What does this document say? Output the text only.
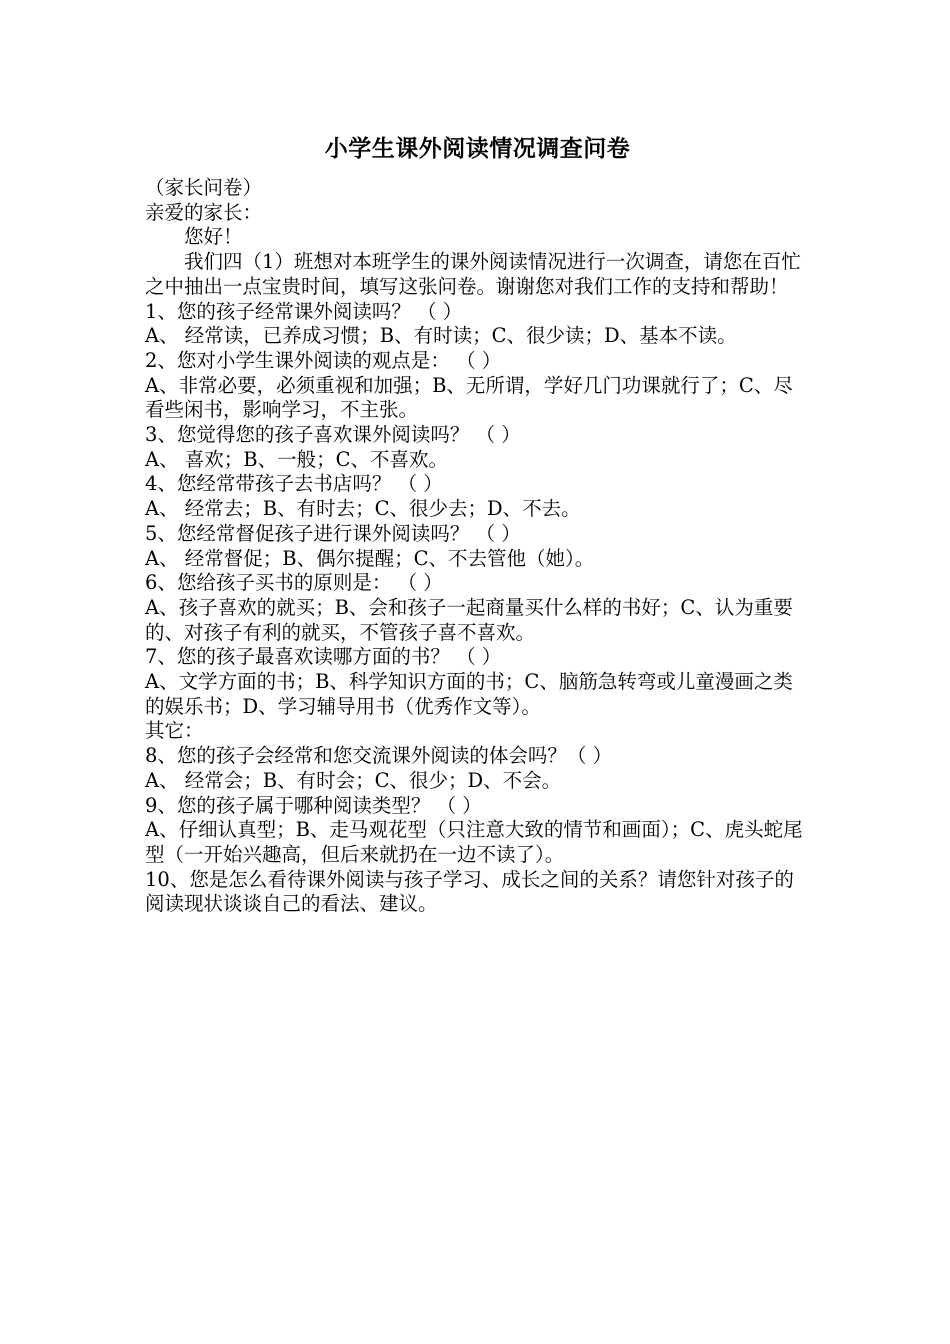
小学生课外阅读情况调查问卷

（家长问卷）

亲爱的家长：

您好！

我们四（1）班想对本班学生的课外阅读情况进行一次调查，请您在百忙之中抽出一点宝贵时间，填写这张问卷。谢谢您对我们工作的支持和帮助！

1、您的孩子经常课外阅读吗？ （ ）

A、 经常读，已养成习惯；B、有时读；C、很少读；D、基本不读。

2、您对小学生课外阅读的观点是： （ ）

A、非常必要，必须重视和加强；B、无所谓，学好几门功课就行了；C、尽看些闲书，影响学习，不主张。

3、您觉得您的孩子喜欢课外阅读吗？ （ ）

A、 喜欢；B、一般；C、不喜欢。

4、您经常带孩子去书店吗？ （ ）

A、 经常去；B、有时去；C、很少去；D、不去。

5、您经常督促孩子进行课外阅读吗？ （ ）

A、 经常督促；B、偶尔提醒；C、不去管他（她）。

6、您给孩子买书的原则是： （ ）

A、孩子喜欢的就买；B、会和孩子一起商量买什么样的书好；C、认为重要的、对孩子有利的就买，不管孩子喜不喜欢。

7、您的孩子最喜欢读哪方面的书？ （ ）

A、文学方面的书；B、科学知识方面的书；C、脑筋急转弯或儿童漫画之类的娱乐书；D、学习辅导用书（优秀作文等）。

其它：

8、您的孩子会经常和您交流课外阅读的体会吗？（ ）

A、 经常会；B、有时会；C、很少；D、不会。

9、您的孩子属于哪种阅读类型？ （ ）

A、仔细认真型；B、走马观花型（只注意大致的情节和画面）；C、虎头蛇尾型（一开始兴趣高，但后来就扔在一边不读了）。

10、您是怎么看待课外阅读与孩子学习、成长之间的关系？请您针对孩子的阅读现状谈谈自己的看法、建议。
